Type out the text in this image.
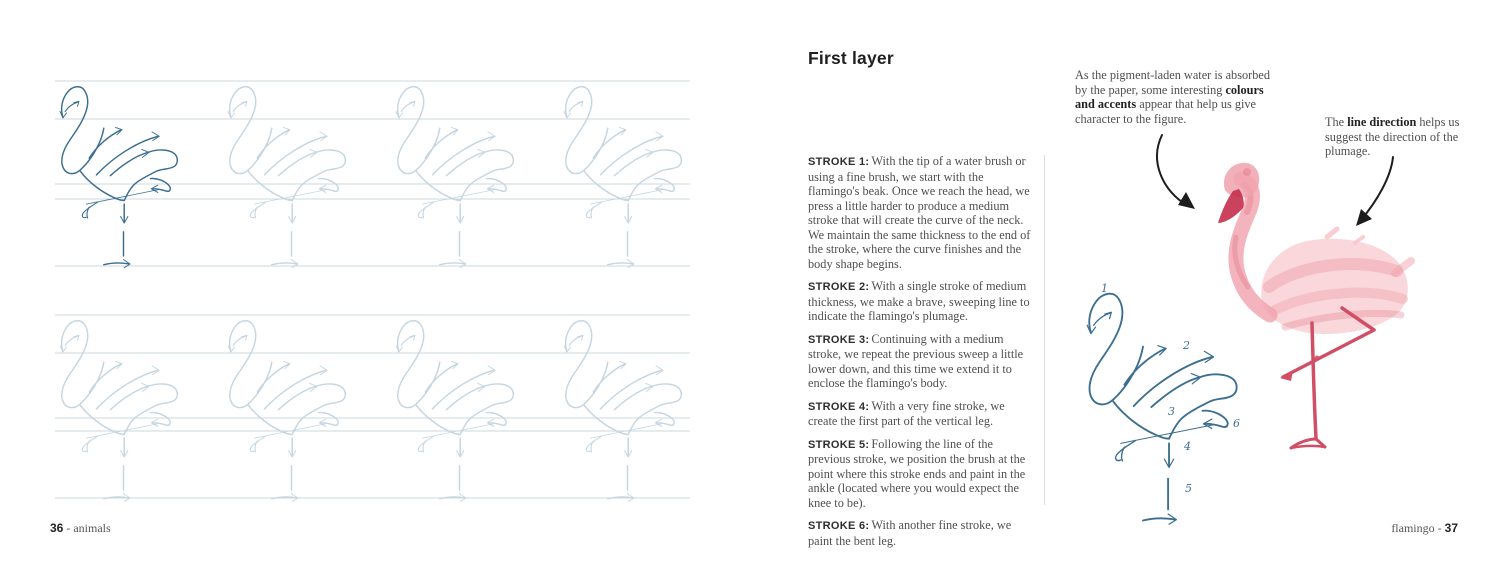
36 - animals
First layer

STROKE 1: With the tip of a water brush or using a fine brush, we start with the flamingo's beak. Once we reach the head, we press a little harder to produce a medium stroke that will create the curve of the neck. We maintain the same thickness to the end of the stroke, where the curve finishes and the body shape begins.

STROKE 2: With a single stroke of medium thickness, we make a brave, sweeping line to indicate the flamingo's plumage.

STROKE 3: Continuing with a medium stroke, we repeat the previous sweep a little lower down, and this time we extend it to enclose the flamingo's body.

STROKE 4: With a very fine stroke, we create the first part of the vertical leg.

STROKE 5: Following the line of the previous stroke, we position the brush at the point where this stroke ends and paint in the ankle (located where you would expect the knee to be).

STROKE 6: With another fine stroke, we paint the bent leg.

As the pigment-laden water is absorbed by the paper, some interesting colours and accents appear that help us give character to the figure.	The line direction helps us suggest the direction of the plumage.
1
2
3
4
5
6
flamingo - 37
